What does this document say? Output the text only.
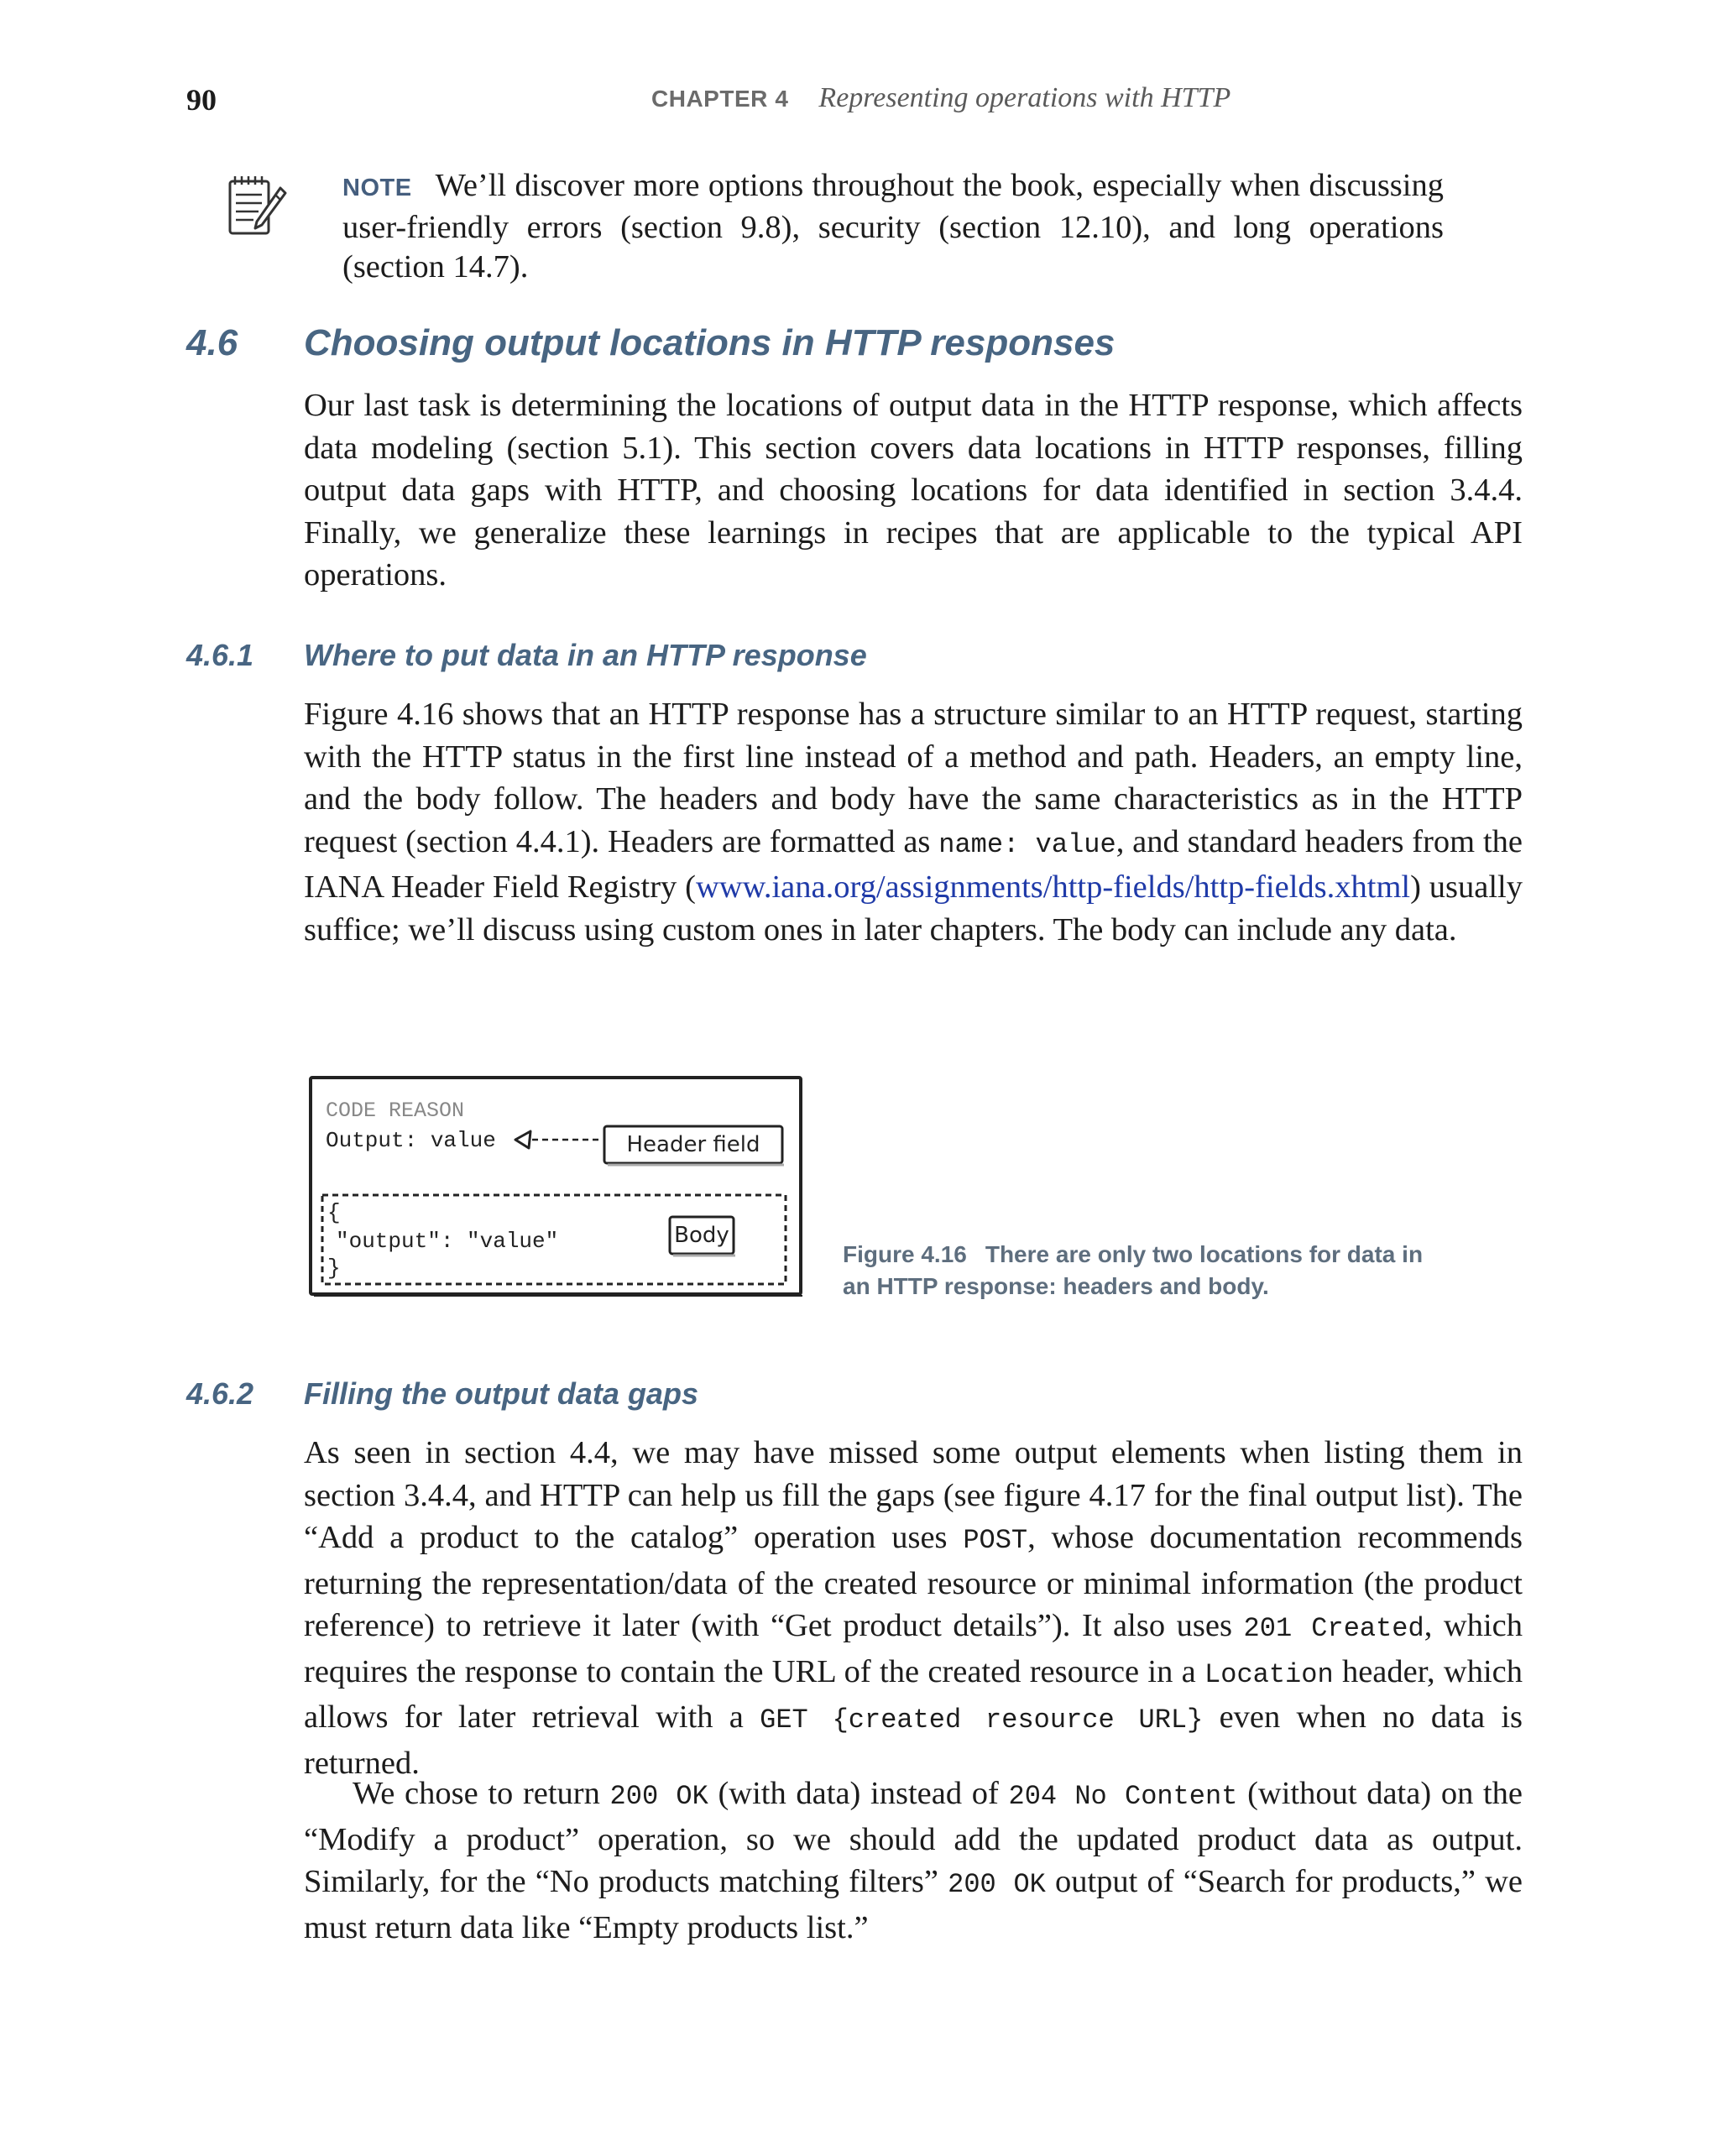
90	CHAPTER 4 Representing operations with HTTP
NOTE We’ll discover more options throughout the book, especially when discussing user-friendly errors (section 9.8), security (section 12.10), and long operations (section 14.7).
4.6 Choosing output locations in HTTP responses
Our last task is determining the locations of output data in the HTTP response, which affects data modeling (section 5.1). This section covers data locations in HTTP responses, filling output data gaps with HTTP, and choosing locations for data identified in section 3.4.4. Finally, we generalize these learnings in recipes that are applicable to the typical API operations.
4.6.1 Where to put data in an HTTP response
Figure 4.16 shows that an HTTP response has a structure similar to an HTTP request, starting with the HTTP status in the first line instead of a method and path. Headers, an empty line, and the body follow. The headers and body have the same characteristics as in the HTTP request (section 4.4.1). Headers are formatted as name: value, and standard headers from the IANA Header Field Registry (www.iana.org/assignments/http-fields/http-fields.xhtml) usually suffice; we’ll discuss using custom ones in later chapters. The body can include any data.
CODE REASON
Output: value	Header field
{
"output": "value"
}
Body
Figure 4.16 There are only two locations for data in an HTTP response: headers and body.
4.6.2 Filling the output data gaps
As seen in section 4.4, we may have missed some output elements when listing them in section 3.4.4, and HTTP can help us fill the gaps (see figure 4.17 for the final output list). The “Add a product to the catalog” operation uses POST, whose documentation recommends returning the representation/data of the created resource or minimal information (the product reference) to retrieve it later (with “Get product details”). It also uses 201 Created, which requires the response to contain the URL of the created resource in a Location header, which allows for later retrieval with a GET {created resource URL} even when no data is returned.
We chose to return 200 OK (with data) instead of 204 No Content (without data) on the “Modify a product” operation, so we should add the updated product data as output. Similarly, for the “No products matching filters” 200 OK output of “Search for products,” we must return data like “Empty products list.”
